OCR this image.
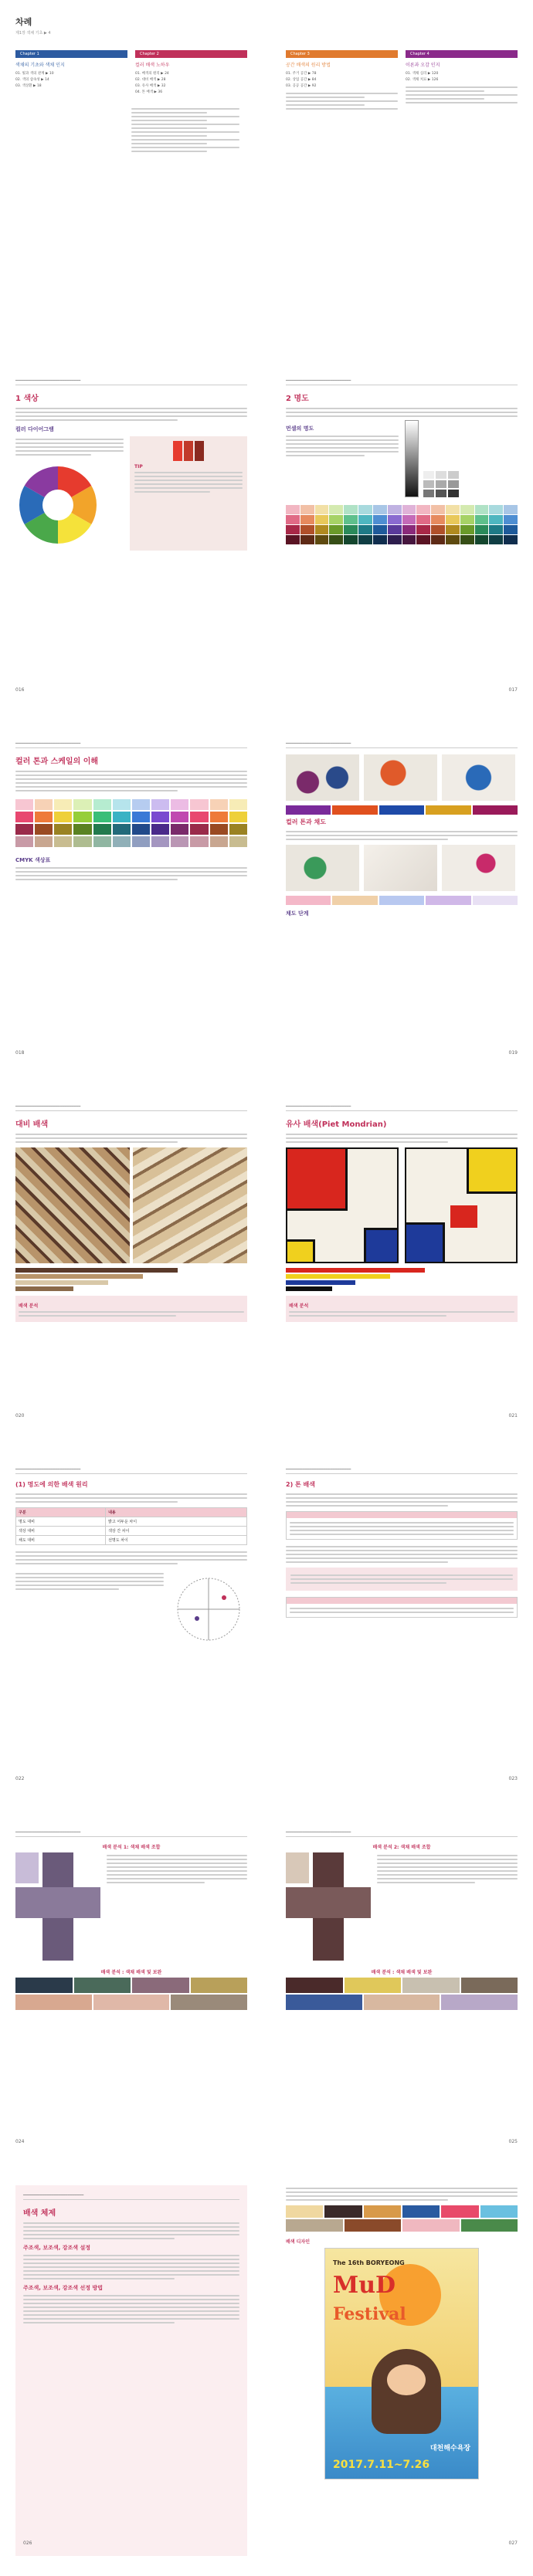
차례
제1장 색채 기초 ▶ 4
Chapter 1
색채의 기초와 색채 인지
01. 빛과 색의 관계 ▶ 10
02. 색의 삼속성 ▶ 14
03. 색상환 ▶ 18
Chapter 2
컬러 배색 노하우
01. 배색의 원리 ▶ 24
02. 대비 배색 ▶ 28
03. 유사 배색 ▶ 32
04. 톤 배색 ▶ 36
Chapter 3
공간 배색의 원리 방법
01. 주거 공간 ▶ 78
02. 상업 공간 ▶ 84
03. 공공 공간 ▶ 92
Chapter 4
이론과 오감 인지
01. 색채 심리 ▶ 120
02. 색채 치료 ▶ 126
━━━━━━━━━━━━━━━━━━━━━━━━━━━━
1 색상
컬러 다이어그램
TIP
016
━━━━━━━━━━━━━━━━━━━━━━━━━━━━
2 명도
먼셀의 명도
017
━━━━━━━━━━━━━━━━━━━━━━━━━━━━
컬러 톤과 스케일의 이해
CMYK 색상표
018
━━━━━━━━━━━━━━━━━━━━━━━━━━━━
컬러 톤과 채도
채도 단계
019
━━━━━━━━━━━━━━━━━━━━━━━━━━━━
대비 배색
배색 분석
020
━━━━━━━━━━━━━━━━━━━━━━━━━━━━
유사 배색(Piet Mondrian)
배색 분석
021
━━━━━━━━━━━━━━━━━━━━━━━━━━━━
(1) 명도에 의한 배색 원리
구분	내용
명도 대비	밝고 어두운 차이
색상 대비	색상 간 차이
채도 대비	선명도 차이
022
━━━━━━━━━━━━━━━━━━━━━━━━━━━━
2) 톤 배색
023
━━━━━━━━━━━━━━━━━━━━━━━━━━━━
배색 분석 1: 색채 배색 조합
배색 분석 : 색채 배색 및 보완
024
━━━━━━━━━━━━━━━━━━━━━━━━━━━━
배색 분석 2: 색채 배색 조합
배색 분석 : 색채 배색 및 보완
025
━━━━━━━━━━━━━━━━━━━━━━━━━━
배색 체제
주조색, 보조색, 강조색 설정
주조색, 보조색, 강조색 선정 방법
026
배색 디자인
The 16th BORYEONG
MuD
Festival
대천해수욕장
2017.7.11~7.26
027
